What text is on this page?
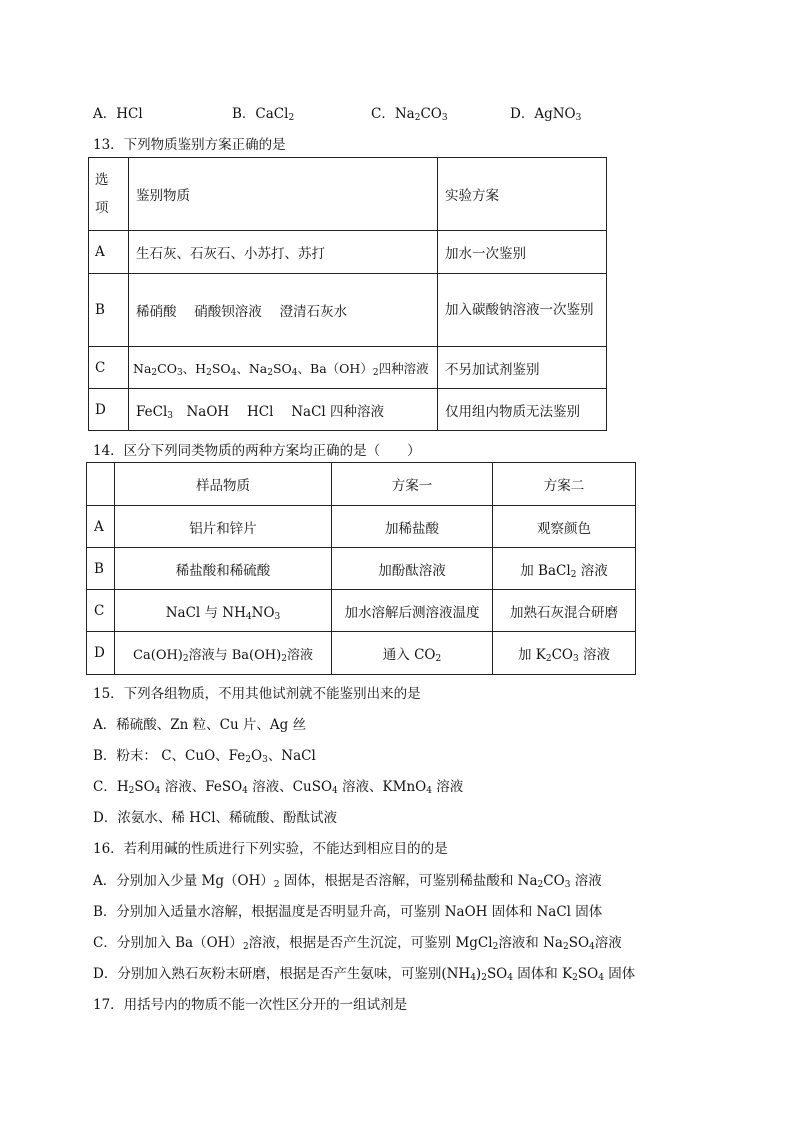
A．HCl	B．CaCl$_2$	C．$Na_2CO_3$	D．AgNO$_3$
13．下列物质鉴别方案正确的是
选项	鉴别物质	实验方案
A	生石灰、石灰石、小苏打、苏打	加水一次鉴别
B	稀硝酸　 硝酸钡溶液　 澄清石灰水	加入碳酸钠溶液一次鉴别
C	$Na_2CO_3$、$H_2SO_4$、$Na_2SO_4$、$Ba(OH)_2$四种溶液	不另加试剂鉴别
D	FeCl$_3$　NaOH　 HCl　 NaCl 四种溶液	仅用组内物质无法鉴别
14．区分下列同类物质的两种方案均正确的是（　　）
	样品物质	方案一	方案二
A	铝片和锌片	加稀盐酸	观察颜色
B	稀盐酸和稀硫酸	加酚酞溶液	加 BaCl$_2$ 溶液
C	NaCl 与 $NH_4NO_3$	加水溶解后测溶液温度	加熟石灰混合研磨
D	$Ca(OH)_2$溶液与 $Ba(OH)_2$溶液	通入 $CO_2$	加 $K_2CO_3$ 溶液
15．下列各组物质，不用其他试剂就不能鉴别出来的是
A．稀硫酸、Zn 粒、Cu 片、Ag 丝
B．粉末： C、CuO、$Fe_2O_3$、NaCl
C．$H_2SO_4$ 溶液、FeSO$_4$ 溶液、CuSO$_4$ 溶液、KMnO$_4$ 溶液
D．浓氨水、稀 HCl、稀硫酸、酚酞试液
16．若利用碱的性质进行下列实验，不能达到相应目的的是
A．分别加入少量 $Mg(OH)_2$ 固体，根据是否溶解，可鉴别稀盐酸和 $Na_2CO_3$ 溶液
B．分别加入适量水溶解，根据温度是否明显升高，可鉴别 NaOH 固体和 NaCl 固体
C．分别加入 $Ba(OH)_2$溶液，根据是否产生沉淀，可鉴别 MgCl$_2$溶液和 $Na_2SO_4$溶液
D．分别加入熟石灰粉末研磨，根据是否产生氨味，可鉴别$(NH_4)_2SO_4$ 固体和 $K_2SO_4$ 固体
17．用括号内的物质不能一次性区分开的一组试剂是
